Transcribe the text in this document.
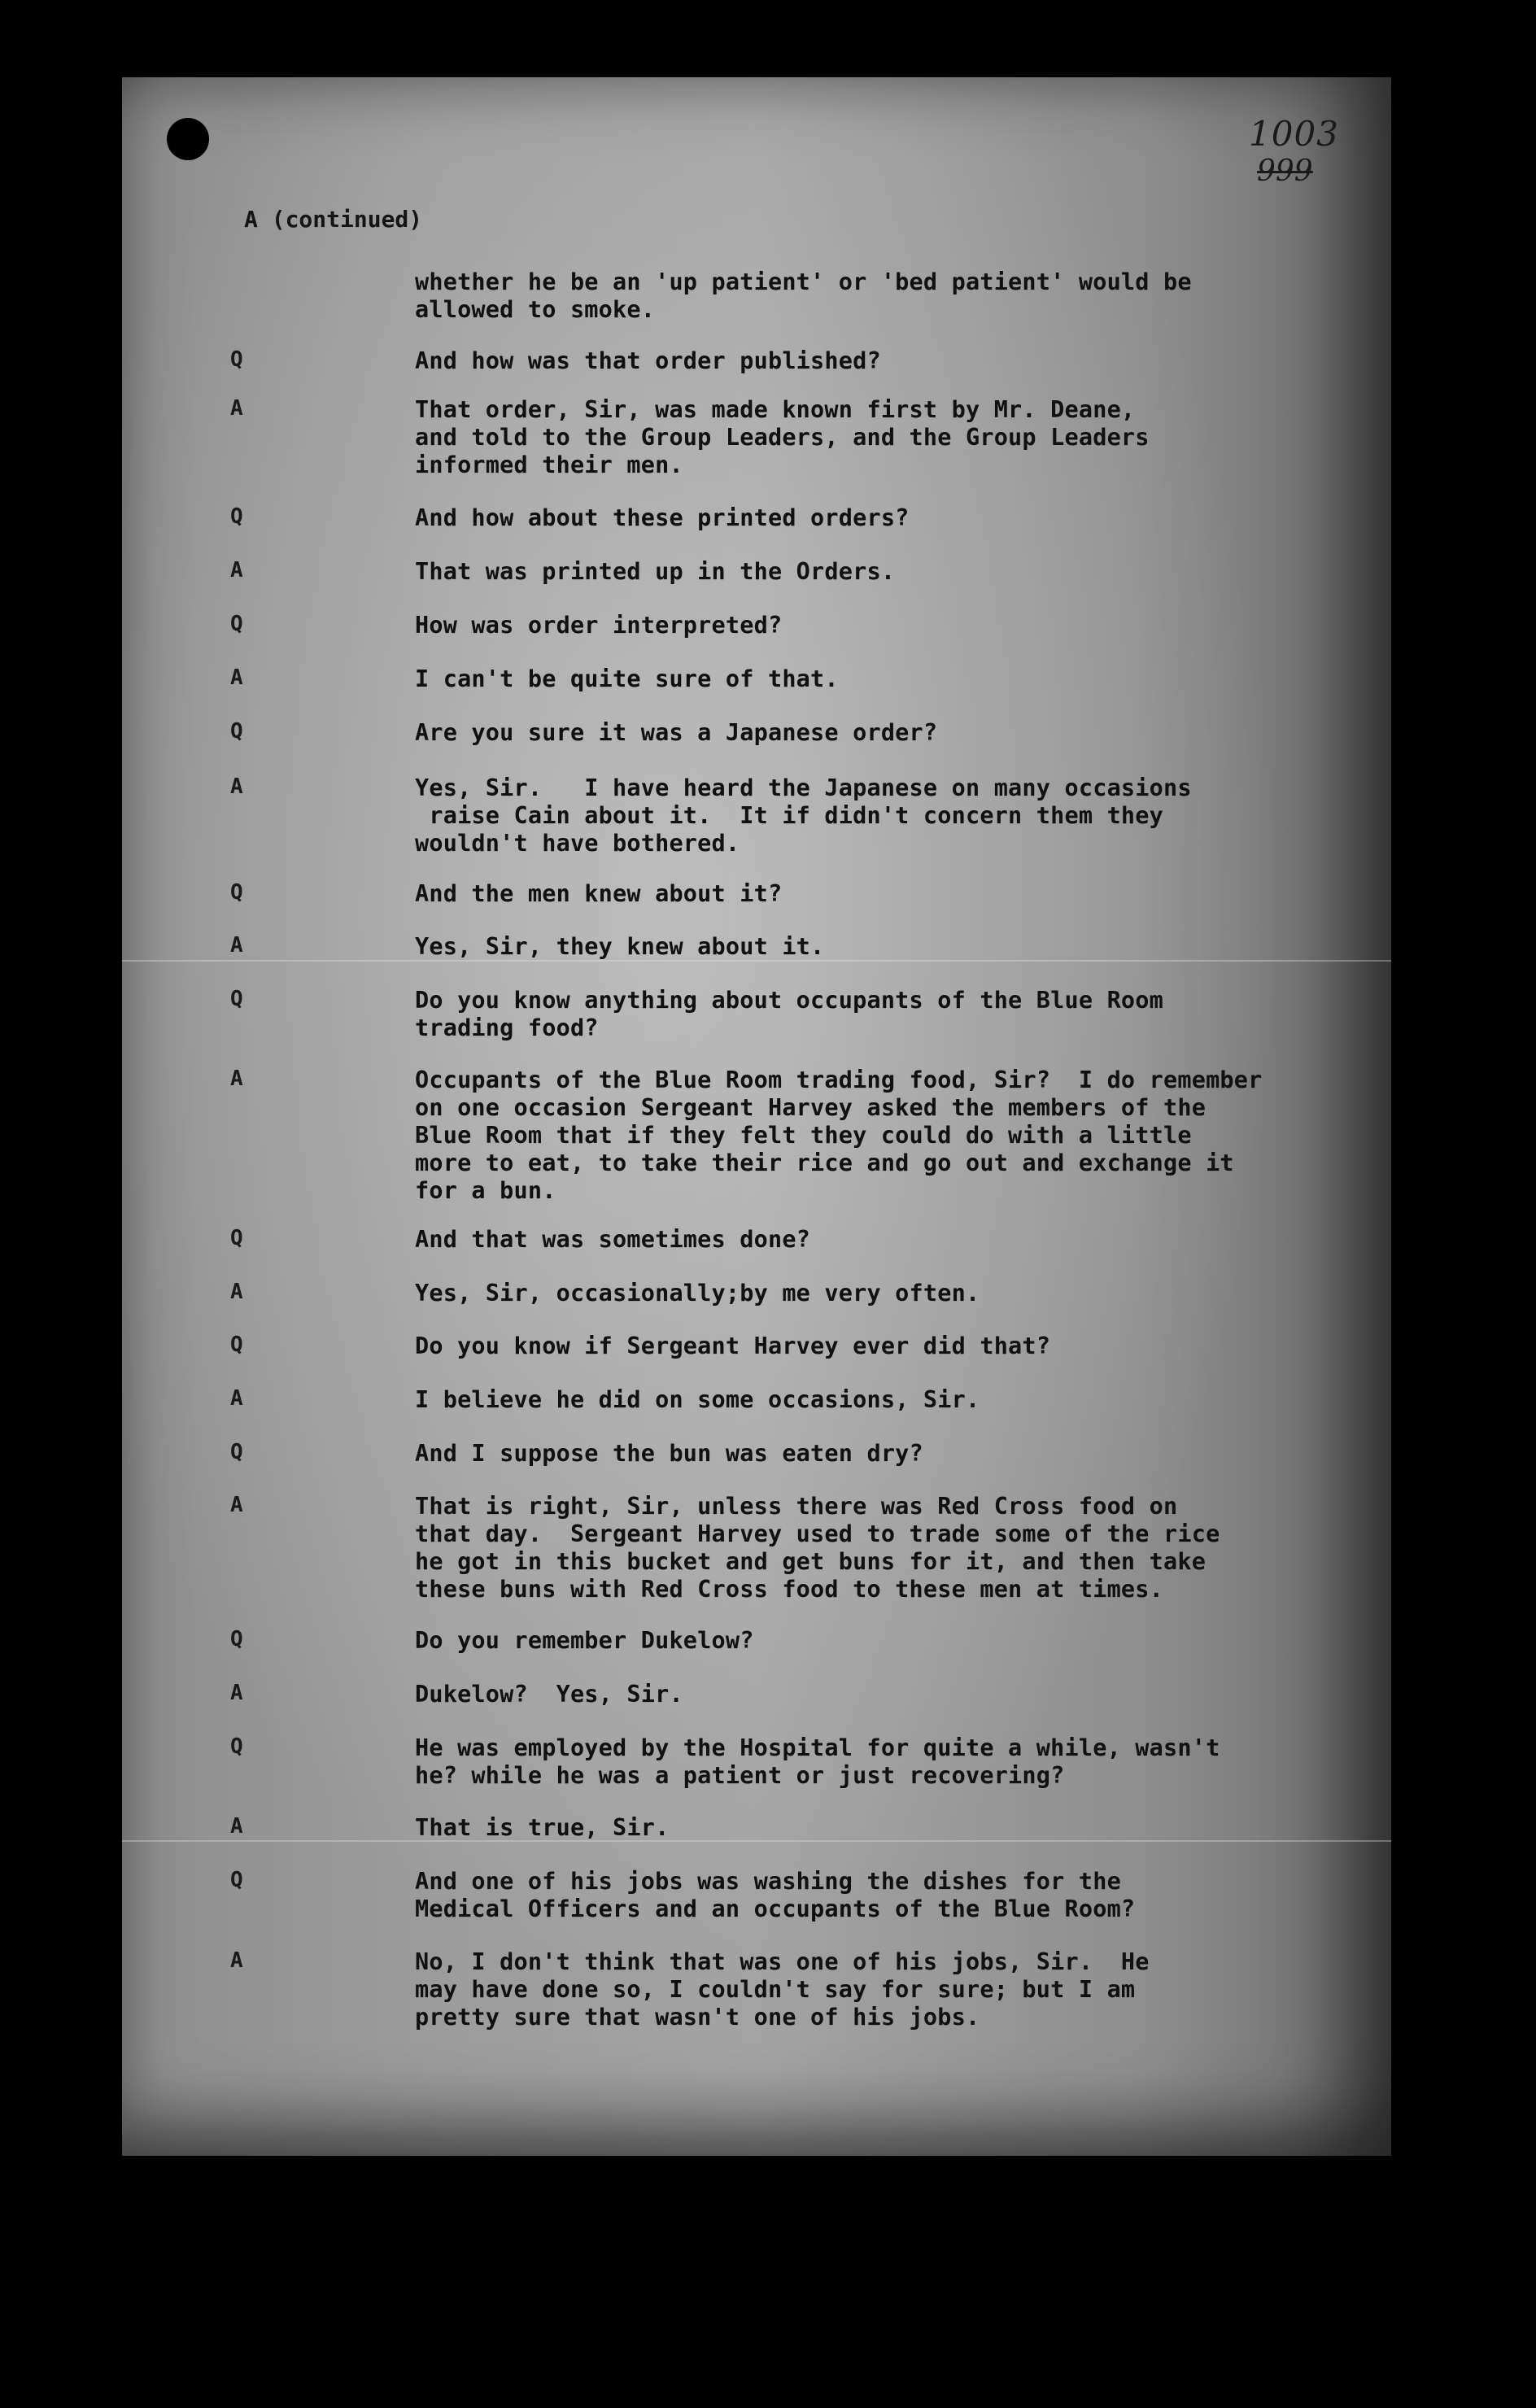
1003
999
A (continued)
whether he be an 'up patient' or 'bed patient' would be
allowed to smoke.
Q	And how was that order published?
A	That order, Sir, was made known first by Mr. Deane,
and told to the Group Leaders, and the Group Leaders
informed their men.
Q	And how about these printed orders?
A	That was printed up in the Orders.
Q	How was order interpreted?
A	I can't be quite sure of that.
Q	Are you sure it was a Japanese order?
A	Yes, Sir.   I have heard the Japanese on many occasions
raise Cain about it.  It if didn't concern them they
wouldn't have bothered.
Q	And the men knew about it?
A	Yes, Sir, they knew about it.
Q	Do you know anything about occupants of the Blue Room
trading food?
A	Occupants of the Blue Room trading food, Sir?  I do remember
on one occasion Sergeant Harvey asked the members of the
Blue Room that if they felt they could do with a little
more to eat, to take their rice and go out and exchange it
for a bun.
Q	And that was sometimes done?
A	Yes, Sir, occasionally;by me very often.
Q	Do you know if Sergeant Harvey ever did that?
A	I believe he did on some occasions, Sir.
Q	And I suppose the bun was eaten dry?
A	That is right, Sir, unless there was Red Cross food on
that day.  Sergeant Harvey used to trade some of the rice
he got in this bucket and get buns for it, and then take
these buns with Red Cross food to these men at times.
Q	Do you remember Dukelow?
A	Dukelow?  Yes, Sir.
Q	He was employed by the Hospital for quite a while, wasn't
he? while he was a patient or just recovering?
A	That is true, Sir.
Q	And one of his jobs was washing the dishes for the
Medical Officers and an occupants of the Blue Room?
A	No, I don't think that was one of his jobs, Sir.  He
may have done so, I couldn't say for sure; but I am
pretty sure that wasn't one of his jobs.
